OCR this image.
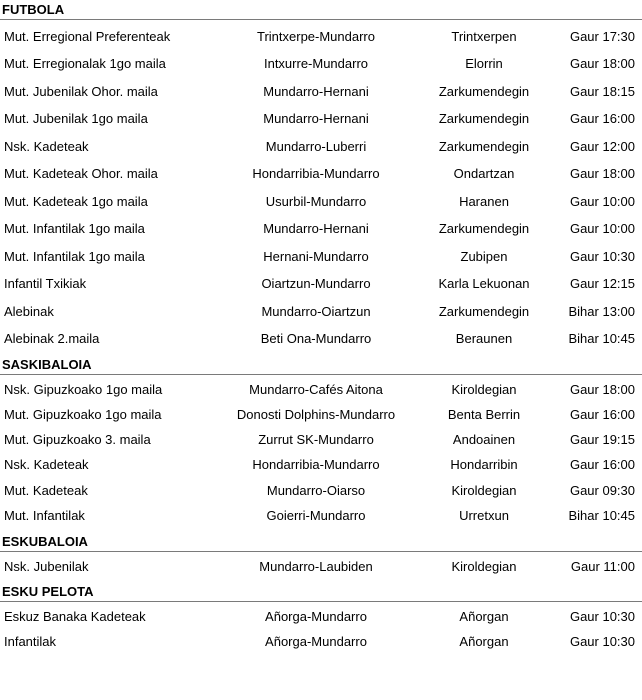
FUTBOLA
Mut. Erregional Preferenteak	Trintxerpe-Mundarro	Trintxerpen	Gaur 17:30
Mut. Erregionalak 1go maila	Intxurre-Mundarro	Elorrin	Gaur 18:00
Mut. Jubenilak Ohor. maila	Mundarro-Hernani	Zarkumendegin	Gaur 18:15
Mut. Jubenilak 1go maila	Mundarro-Hernani	Zarkumendegin	Gaur 16:00
Nsk. Kadeteak	Mundarro-Luberri	Zarkumendegin	Gaur 12:00
Mut. Kadeteak Ohor. maila	Hondarribia-Mundarro	Ondartzan	Gaur 18:00
Mut. Kadeteak 1go maila	Usurbil-Mundarro	Haranen	Gaur 10:00
Mut. Infantilak 1go maila	Mundarro-Hernani	Zarkumendegin	Gaur 10:00
Mut. Infantilak 1go maila	Hernani-Mundarro	Zubipen	Gaur 10:30
Infantil Txikiak	Oiartzun-Mundarro	Karla Lekuonan	Gaur 12:15
Alebinak	Mundarro-Oiartzun	Zarkumendegin	Bihar 13:00
Alebinak 2.maila	Beti Ona-Mundarro	Beraunen	Bihar 10:45
SASKIBALOIA
Nsk. Gipuzkoako 1go maila	Mundarro-Cafés Aitona	Kiroldegian	Gaur 18:00
Mut. Gipuzkoako 1go maila	Donosti Dolphins-Mundarro	Benta Berrin	Gaur 16:00
Mut. Gipuzkoako 3. maila	Zurrut SK-Mundarro	Andoainen	Gaur 19:15
Nsk. Kadeteak	Hondarribia-Mundarro	Hondarribin	Gaur 16:00
Mut. Kadeteak	Mundarro-Oiarso	Kiroldegian	Gaur 09:30
Mut. Infantilak	Goierri-Mundarro	Urretxun	Bihar 10:45
ESKUBALOIA
Nsk. Jubenilak	Mundarro-Laubiden	Kiroldegian	Gaur 11:00
ESKU PELOTA
Eskuz Banaka Kadeteak	Añorga-Mundarro	Añorgan	Gaur 10:30
Infantilak	Añorga-Mundarro	Añorgan	Gaur 10:30
